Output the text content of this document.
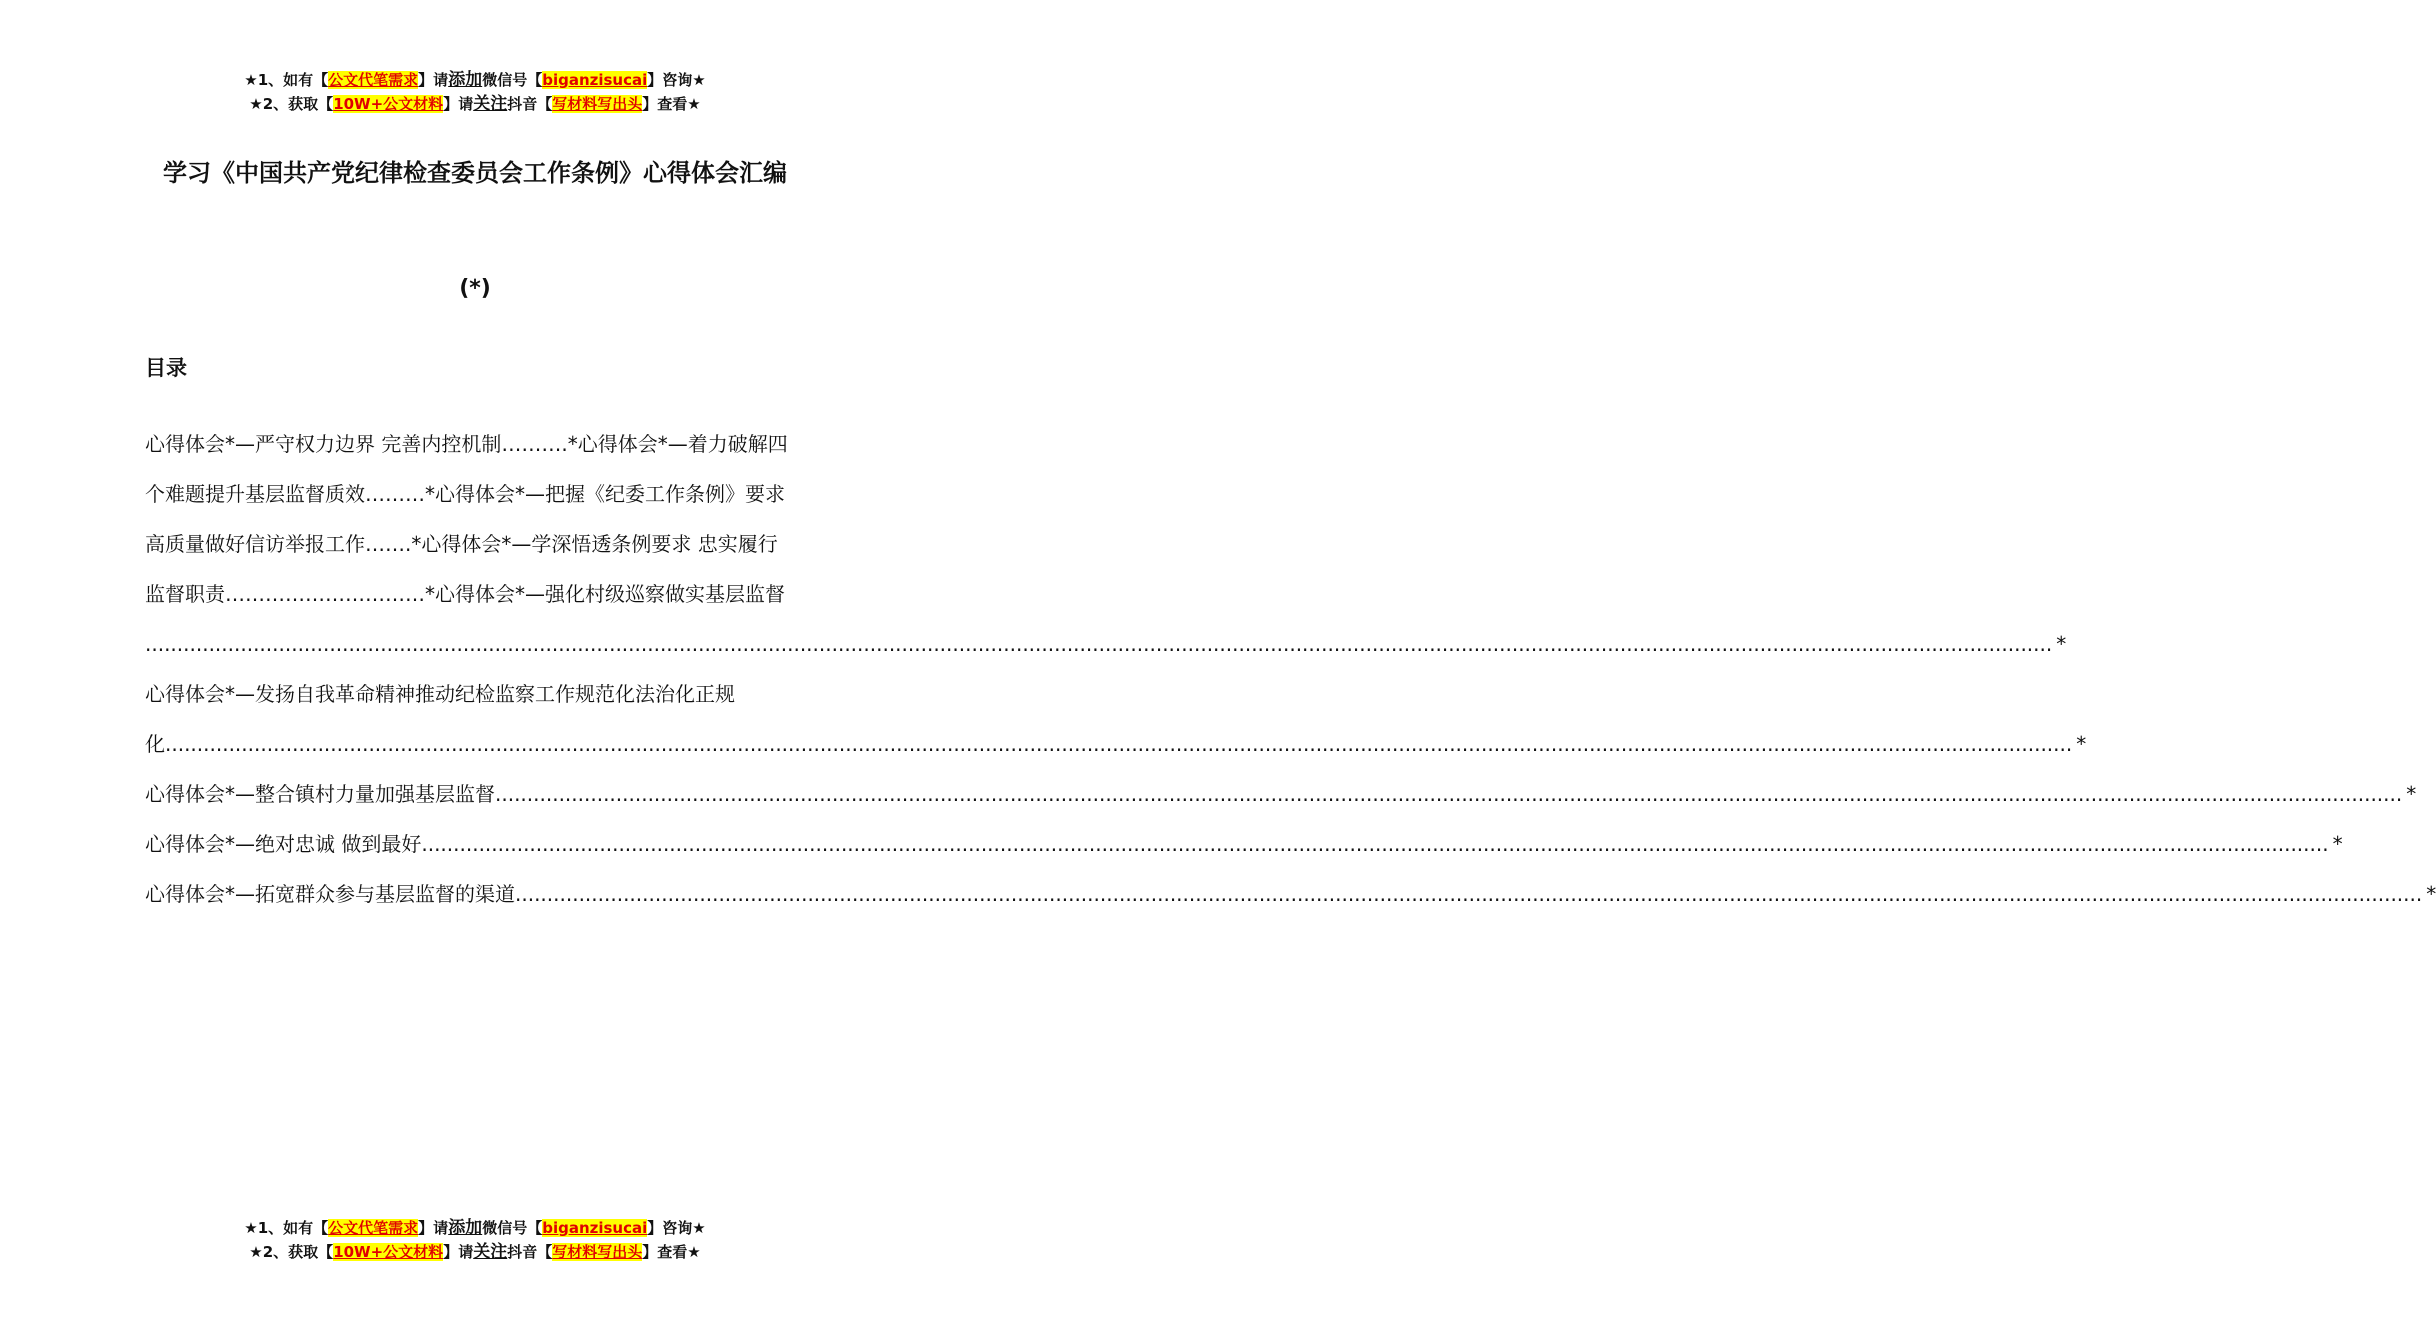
★1、如有【公文代笔需求】请添加微信号【biganzisucai】咨询★
★2、获取【10W+公文材料】请关注抖音【写材料写出头】查看★
学习《中国共产党纪律检查委员会工作条例》心得体会汇编
(*)
目录

心得体会*—严守权力边界 完善内控机制……….*心得体会*—着力破解四

个难题提升基层监督质效………*心得体会*—把握《纪委工作条例》要求

高质量做好信访举报工作…….*心得体会*—学深悟透条例要求 忠实履行

监督职责…………………………*心得体会*—强化村级巡察做实基层监督

............................................................................................................................................................................................................................................................................................................ *

心得体会*—发扬自我革命精神推动纪检监察工作规范化法治化正规

化 ............................................................................................................................................................................................................................................................................................................ *

心得体会*—整合镇村力量加强基层监督 ............................................................................................................................................................................................................................................................................................................ *

心得体会*—绝对忠诚 做到最好 ............................................................................................................................................................................................................................................................................................................ *

心得体会*—拓宽群众参与基层监督的渠道 ............................................................................................................................................................................................................................................................................................................ *

★1、如有【公文代笔需求】请添加微信号【biganzisucai】咨询★
★2、获取【10W+公文材料】请关注抖音【写材料写出头】查看★
